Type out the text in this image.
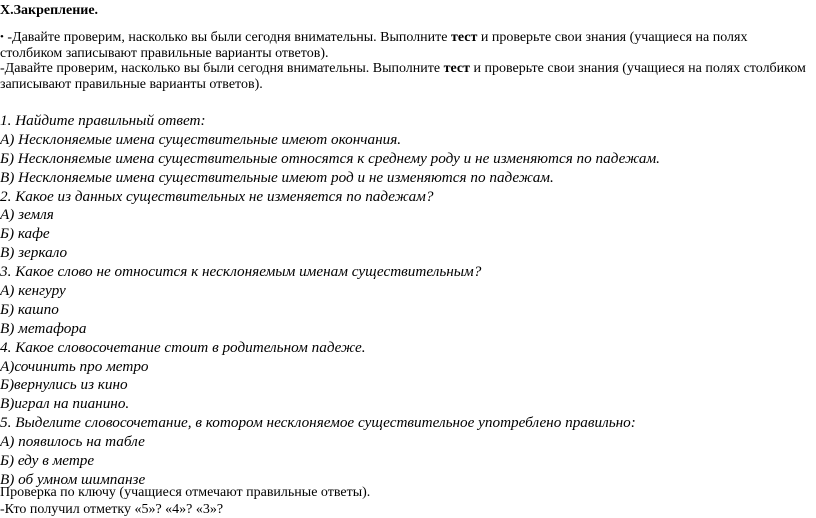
X.Закрепление.
• -Давайте проверим, насколько вы были сегодня внимательны. Выполните тест и проверьте свои знания (учащиеся на полях столбиком записывают правильные варианты ответов).
-Давайте проверим, насколько вы были сегодня внимательны. Выполните тест и проверьте свои знания (учащиеся на полях столбиком записывают правильные варианты ответов).
1. Найдите правильный ответ:
А) Несклоняемые имена существительные имеют окончания.
Б) Несклоняемые имена существительные относятся к среднему роду и не изменяются по падежам.
В) Несклоняемые имена существительные имеют род и не изменяются по падежам.
2. Какое из данных существительных не изменяется по падежам?
А) земля
Б) кафе
В) зеркало
3. Какое слово не относится к несклоняемым именам существительным?
А) кенгуру
Б) кашпо
В) метафора
4. Какое словосочетание стоит в родительном падеже.
А)сочинить про метро
Б)вернулись из кино
В)играл на пианино.
5. Выделите словосочетание, в котором несклоняемое существительное употреблено правильно:
А) появилось на табле
Б) еду в метре
В) об умном шимпанзе
Проверка по ключу (учащиеся отмечают правильные ответы).
-Кто получил отметку «5»? «4»? «3»?
